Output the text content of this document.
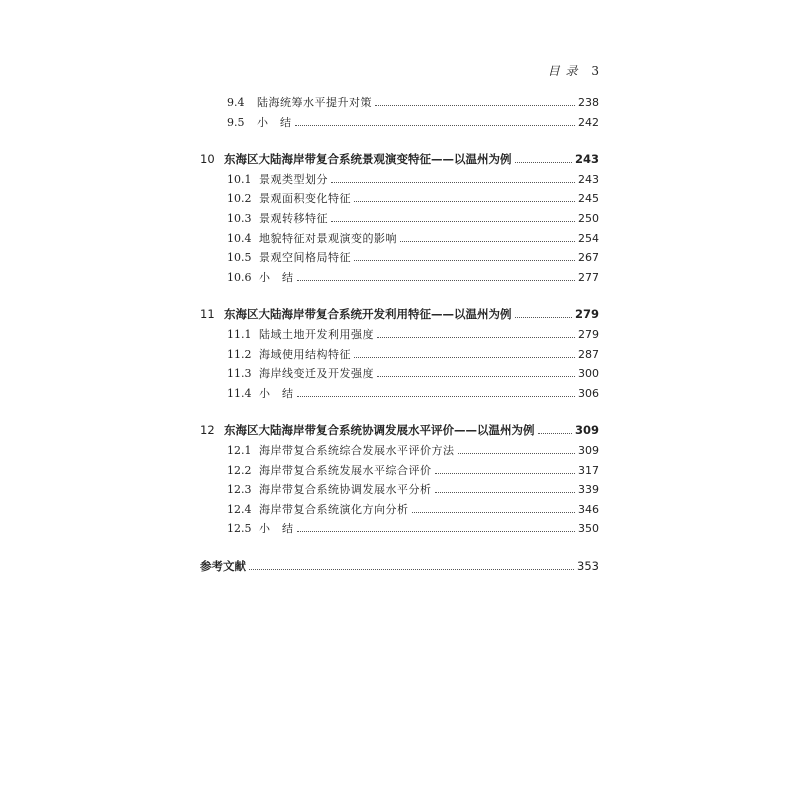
目 录 3
9.4	陆海统筹水平提升对策	238
9.5	小　结	242
10 东海区大陆海岸带复合系统景观演变特征——以温州为例	243
10.1 景观类型划分	243
10.2 景观面积变化特征	245
10.3 景观转移特征	250
10.4 地貌特征对景观演变的影响	254
10.5 景观空间格局特征	267
10.6 小　结	277
11 东海区大陆海岸带复合系统开发利用特征——以温州为例	279
11.1 陆域土地开发利用强度	279
11.2 海域使用结构特征	287
11.3 海岸线变迁及开发强度	300
11.4 小　结	306
12 东海区大陆海岸带复合系统协调发展水平评价——以温州为例	309
12.1 海岸带复合系统综合发展水平评价方法	309
12.2 海岸带复合系统发展水平综合评价	317
12.3 海岸带复合系统协调发展水平分析	339
12.4 海岸带复合系统演化方向分析	346
12.5 小　结	350
参考文献	353
